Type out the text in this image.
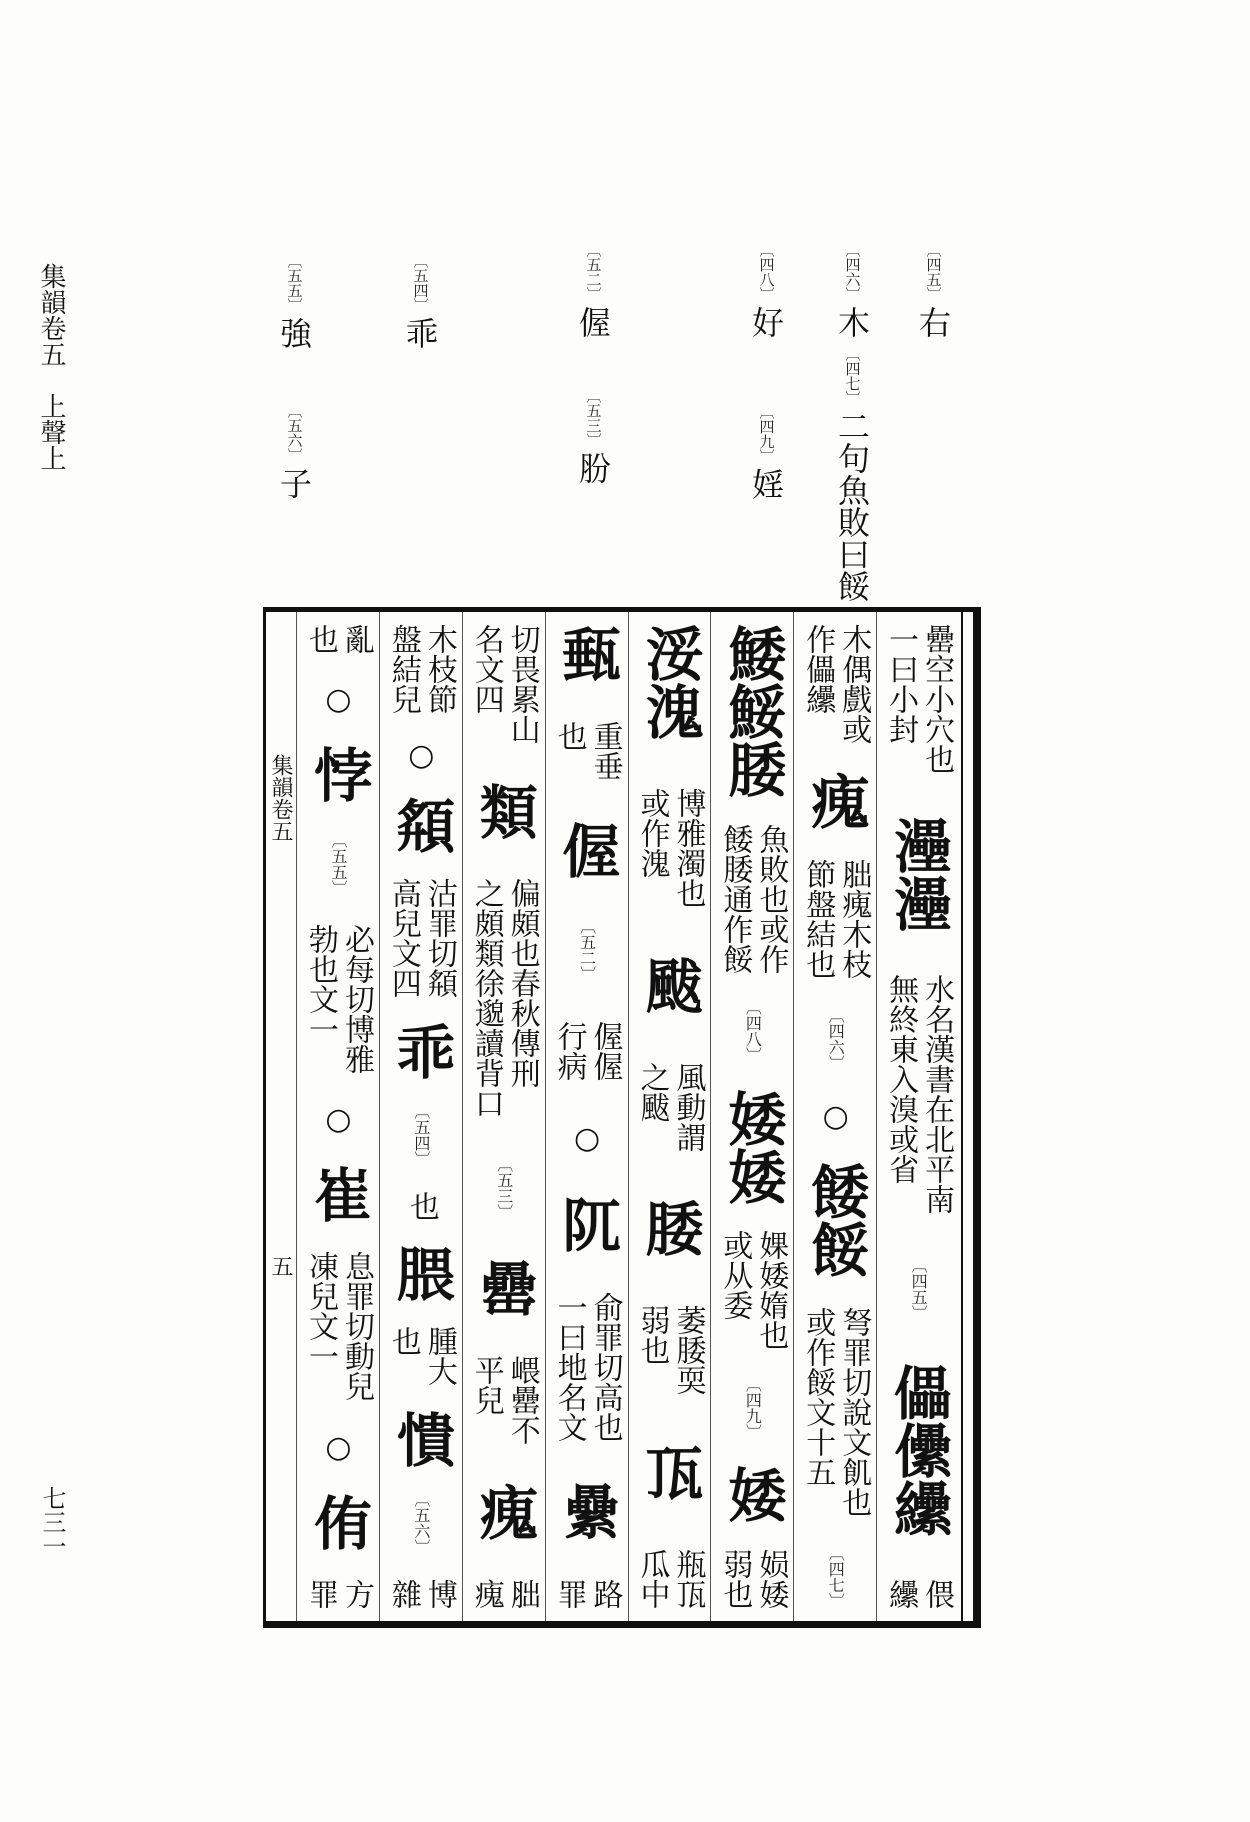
集韻卷五
上聲上
七三一
〔四五〕
右
〔四六〕
木
〔四七〕
二句魚敗曰餒
〔四八〕
好
〔四九〕
婬
〔五二〕
偓
〔五三〕
肦
〔五四〕
乖
〔五五〕
強
〔五六〕
子
集韻卷五
五
罍空小穴也
一曰小封
灅灅
水名漢書在北平南
無終東入溴或省
〔四五〕
儡儽纝
偎
纝
木偶戲或
作儡纝
瘣
胐瘣木枝
節盤結也
〔四六〕
○
餧餒
弩罪切說文飢也
或作餒文十五
〔四七〕
鯘鮾腇
魚敗也或作
餧腇通作餒
〔四八〕
婑婑
婐婑媠也
或从委
〔四九〕
婑
㛣婑
弱也
浽溾
博雅濁也
或作溾
颰
風動謂
之颰
腇
萎腇耎
弱也
㼗
瓶㼗
瓜中
甀
重垂
也
偓
〔五二〕
偓偓
行病
○
阢
俞罪切高也
一曰地名文
纍
路
罪
切畏累山
名文四
類
偏頗也春秋傳刑
之頗類徐邈讀背口
〔五三〕
罍
㟪罍不
平兒
瘣
胐
瘣
木枝節
盤結兒
○
頯
沽罪切頯
高兒文四
乖
〔五四〕
也
腲
腫大
也
憒
〔五六〕
博
雜
亂
也
○
悖
〔五五〕
必每切博雅
勃也文一
○
崔
息罪切動兒
凍兒文一
○
侑
方
罪
